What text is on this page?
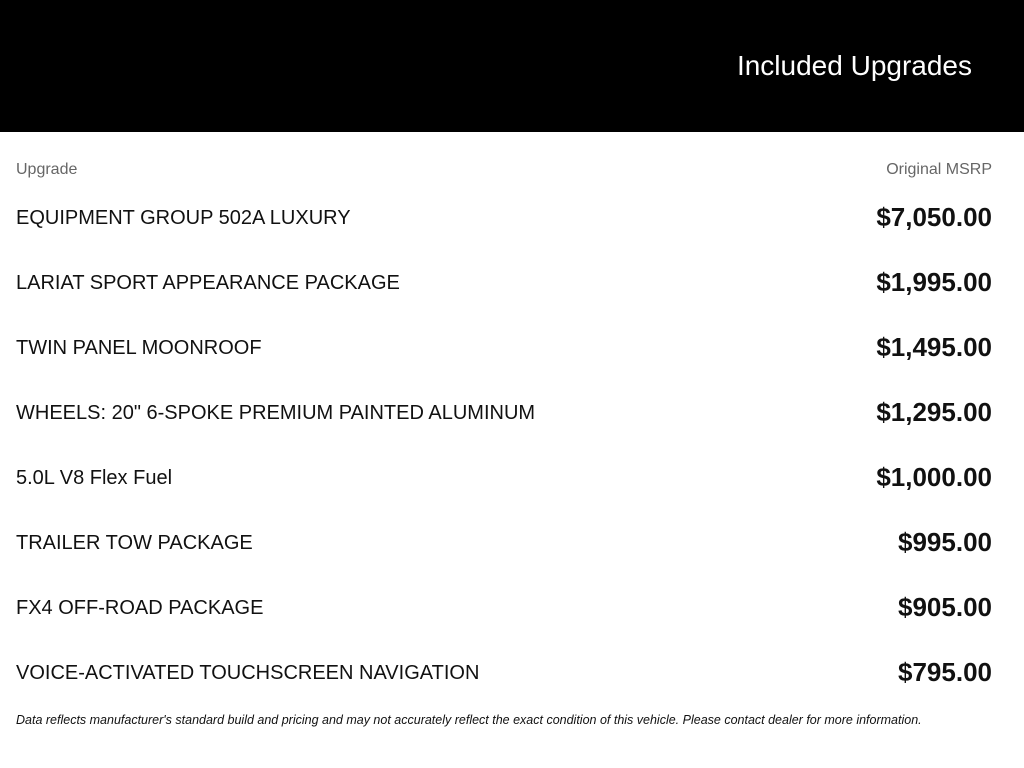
Included Upgrades
Upgrade	Original MSRP
EQUIPMENT GROUP 502A LUXURY	$7,050.00
LARIAT SPORT APPEARANCE PACKAGE	$1,995.00
TWIN PANEL MOONROOF	$1,495.00
WHEELS: 20" 6-SPOKE PREMIUM PAINTED ALUMINUM	$1,295.00
5.0L V8 Flex Fuel	$1,000.00
TRAILER TOW PACKAGE	$995.00
FX4 OFF-ROAD PACKAGE	$905.00
VOICE-ACTIVATED TOUCHSCREEN NAVIGATION	$795.00
Data reflects manufacturer's standard build and pricing and may not accurately reflect the exact condition of this vehicle. Please contact dealer for more information.
